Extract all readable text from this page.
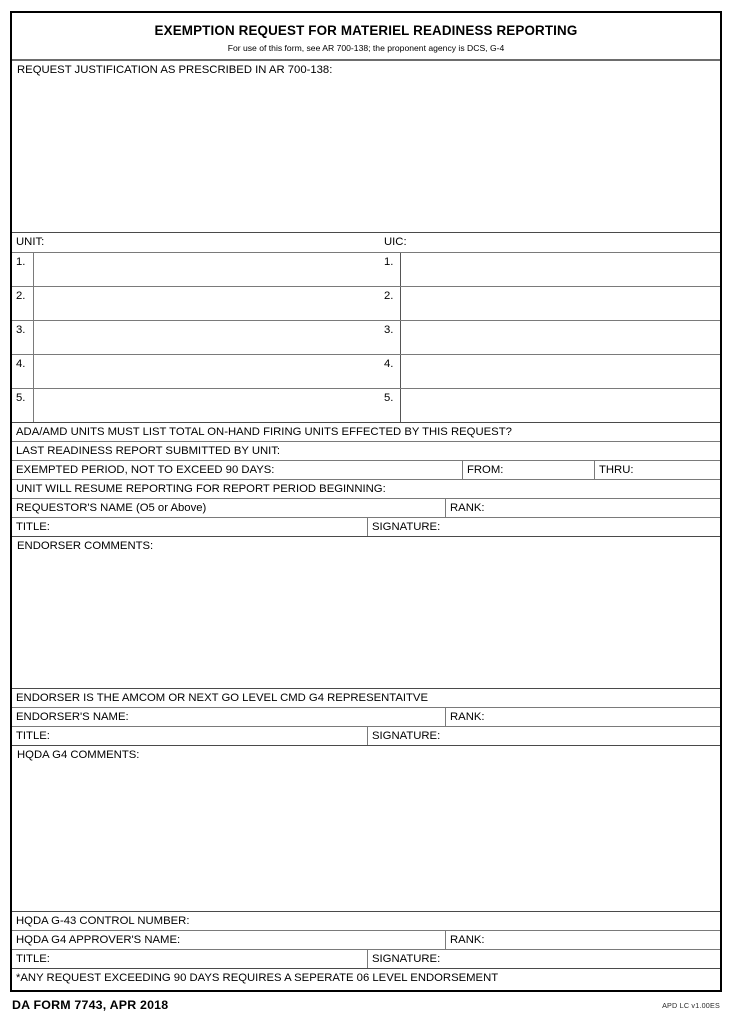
EXEMPTION REQUEST FOR MATERIEL READINESS REPORTING
For use of this form, see AR 700-138; the proponent agency is DCS, G-4
REQUEST JUSTIFICATION AS PRESCRIBED IN AR 700-138:
UNIT:	UIC:
1.	1.
2.	2.
3.	3.
4.	4.
5.	5.
ADA/AMD UNITS MUST LIST TOTAL ON-HAND FIRING UNITS EFFECTED BY THIS REQUEST?
LAST READINESS REPORT SUBMITTED BY UNIT:
EXEMPTED PERIOD, NOT TO EXCEED 90 DAYS:	FROM:	THRU:
UNIT WILL RESUME REPORTING FOR REPORT PERIOD BEGINNING:
REQUESTOR'S NAME (O5 or Above)	RANK:
TITLE:	SIGNATURE:
ENDORSER COMMENTS:
ENDORSER IS THE AMCOM OR NEXT GO LEVEL CMD G4 REPRESENTAITVE
ENDORSER'S NAME:	RANK:
TITLE:	SIGNATURE:
HQDA G4 COMMENTS:
HQDA G-43 CONTROL NUMBER:
HQDA G4 APPROVER'S NAME:	RANK:
TITLE:	SIGNATURE:
*ANY REQUEST EXCEEDING 90 DAYS REQUIRES A SEPERATE 06 LEVEL ENDORSEMENT
DA FORM 7743, APR 2018	APD LC v1.00ES
